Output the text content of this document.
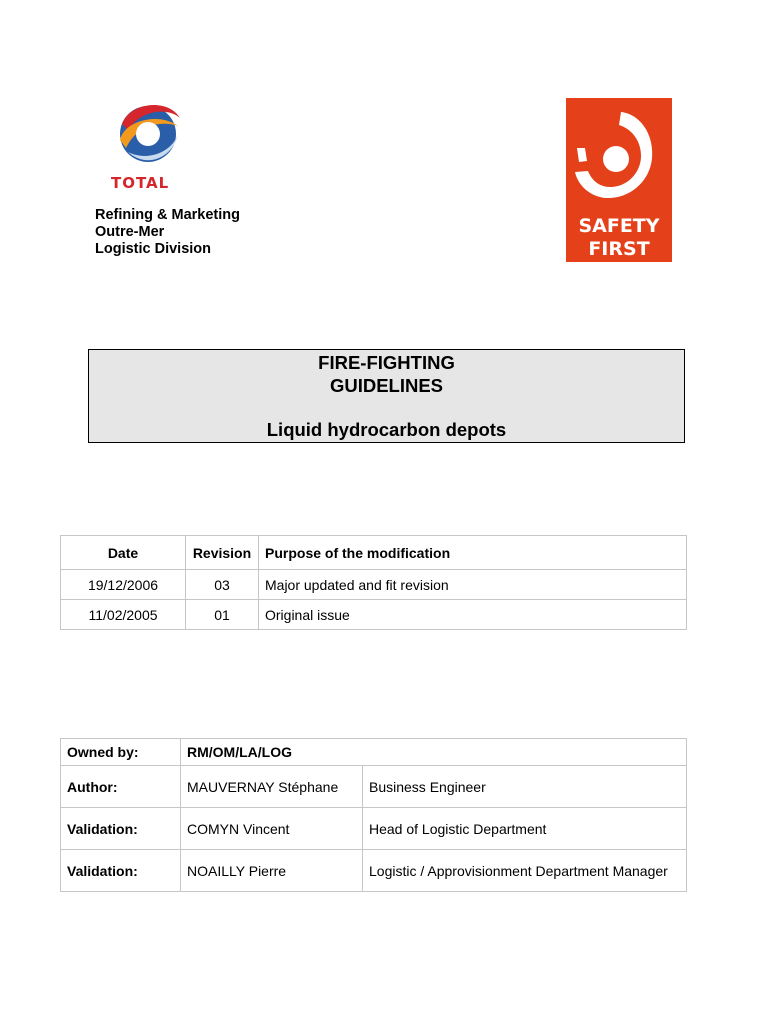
TOTAL
Refining & Marketing
Outre-Mer
Logistic Division
SAFETY
FIRST
FIRE-FIGHTING
GUIDELINES
Liquid hydrocarbon depots
Date	Revision	Purpose of the modification
19/12/2006	03	Major updated and fit revision
11/02/2005	01	Original issue
Owned by:	RM/OM/LA/LOG	
Author:	MAUVERNAY Stéphane	Business Engineer
Validation:	COMYN Vincent	Head of Logistic Department
Validation:	NOAILLY Pierre	Logistic / Approvisionment Department Manager
